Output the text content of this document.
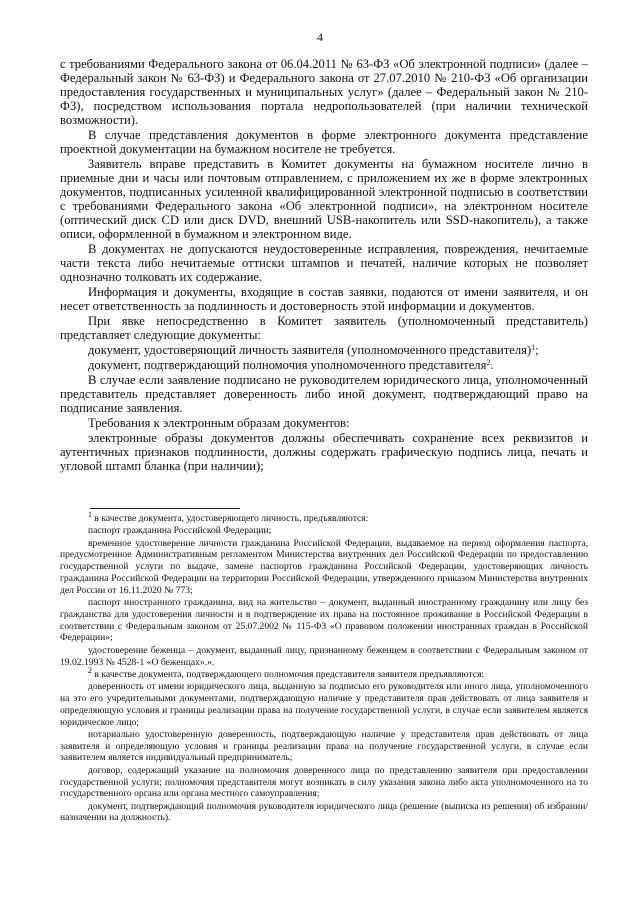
4

с требованиями Федерального закона от 06.04.2011 № 63-ФЗ «Об электронной подписи» (далее – Федеральный закон № 63-ФЗ) и Федерального закона от 27.07.2010 № 210-ФЗ «Об организации предоставления государственных и муниципальных услуг» (далее – Федеральный закон № 210-ФЗ), посредством использования портала недропользователей (при наличии технической возможности).

В случае представления документов в форме электронного документа представление проектной документации на бумажном носителе не требуется.

Заявитель вправе представить в Комитет документы на бумажном носителе лично в приемные дни и часы или почтовым отправлением, с приложением их же в форме электронных документов, подписанных усиленной квалифицированной электронной подписью в соответствии с требованиями Федерального закона «Об электронной подписи», на электронном носителе (оптический диск CD или диск DVD, внешний USB-накопитель или SSD-накопитель), а также описи, оформленной в бумажном и электронном виде.

В документах не допускаются неудостоверенные исправления, повреждения, нечитаемые части текста либо нечитаемые оттиски штампов и печатей, наличие которых не позволяет однозначно толковать их содержание.

Информация и документы, входящие в состав заявки, подаются от имени заявителя, и он несет ответственность за подлинность и достоверность этой информации и документов.

При явке непосредственно в Комитет заявитель (уполномоченный представитель) представляет следующие документы:

документ, удостоверяющий личность заявителя (уполномоченного представителя)$^1$;

документ, подтверждающий полномочия уполномоченного представителя$^2$.

В случае если заявление подписано не руководителем юридического лица, уполномоченный представитель представляет доверенность либо иной документ, подтверждающий право на подписание заявления.

Требования к электронным образам документов:

электронные образы документов должны обеспечивать сохранение всех реквизитов и аутентичных признаков подлинности, должны содержать графическую подпись лица, печать и угловой штамп бланка (при наличии);

$^1$ в качестве документа, удостоверяющего личность, предъявляются:

паспорт гражданина Российской Федерации;

временное удостоверение личности гражданина Российской Федерации, выдаваемое на период оформления паспорта, предусмотренное Административным регламентом Министерства внутренних дел Российской Федерации по предоставлению государственной услуги по выдаче, замене паспортов гражданина Российской Федерации, удостоверяющих личность гражданина Российской Федерации на территории Российской Федерации, утвержденного приказом Министерства внутренних дел России от 16.11.2020 № 773;

паспорт иностранного гражданина, вид на жительство – документ, выданный иностранному гражданину или лицу без гражданства для удостоверения личности и в подтверждение их права на постоянное проживание в Российской Федерации в соответствии с Федеральным законом от 25.07.2002 № 115-ФЗ «О правовом положении иностранных граждан в Российской Федерации»;

удостоверение беженца – документ, выданный лицу, признанному беженцем в соответствии с Федеральным законом от 19.02.1993 № 4528-1 «О беженцах».».

$^2$ в качестве документа, подтверждающего полномочия представителя заявителя предъявляются:

доверенность от имени юридического лица, выданную за подписью его руководителя или иного лица, уполномоченного на это его учредительными документами, подтверждающую наличие у представителя прав действовать от лица заявителя и определяющую условия и границы реализации права на получение государственной услуги, в случае если заявителем является юридическое лицо;

нотариально удостоверенную доверенность, подтверждающую наличие у представителя прав действовать от лица заявителя и определяющую условия и границы реализации права на получение государственной услуги, в случае если заявителем является индивидуальный предприниматель;

договор, содержащий указание на полномочия доверенного лица по представлению заявителя при предоставлении государственной услуги; полномочия представителя могут возникать в силу указания закона либо акта уполномоченного на то государственного органа или органа местного самоуправления;

документ, подтверждающий полномочия руководителя юридического лица (решение (выписка из решения) об избрании/назначении на должность).
